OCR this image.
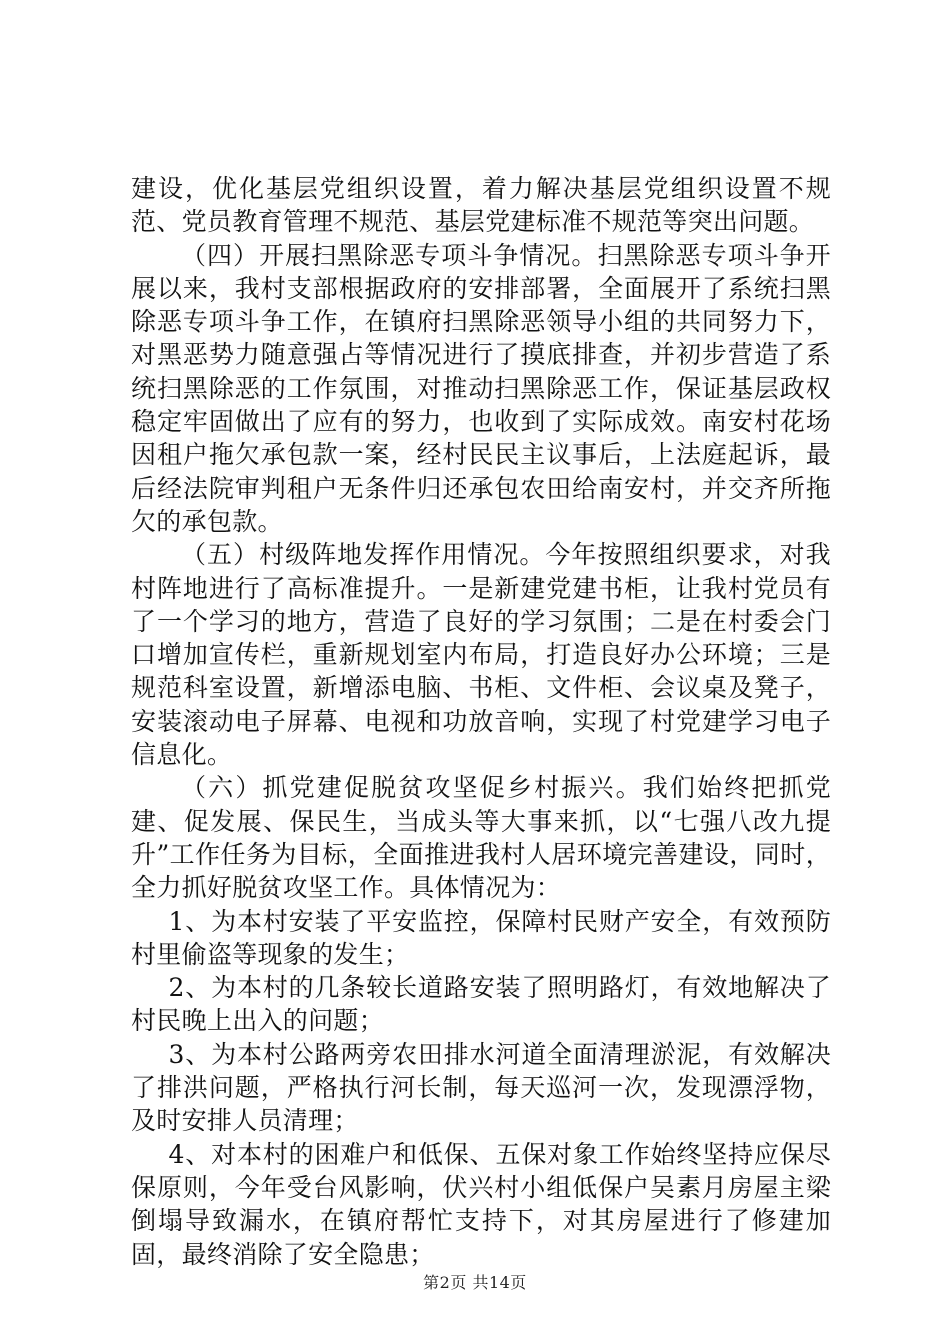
建设，优化基层党组织设置，着力解决基层党组织设置不规范、党员教育管理不规范、基层党建标准不规范等突出问题。

（四）开展扫黑除恶专项斗争情况。扫黑除恶专项斗争开展以来，我村支部根据政府的安排部署，全面展开了系统扫黑除恶专项斗争工作，在镇府扫黑除恶领导小组的共同努力下，对黑恶势力随意强占等情况进行了摸底排查，并初步营造了系统扫黑除恶的工作氛围，对推动扫黑除恶工作，保证基层政权稳定牢固做出了应有的努力，也收到了实际成效。南安村花场因租户拖欠承包款一案，经村民民主议事后，上法庭起诉，最后经法院审判租户无条件归还承包农田给南安村，并交齐所拖欠的承包款。

（五）村级阵地发挥作用情况。今年按照组织要求，对我村阵地进行了高标准提升。一是新建党建书柜，让我村党员有了一个学习的地方，营造了良好的学习氛围；二是在村委会门口增加宣传栏，重新规划室内布局，打造良好办公环境；三是规范科室设置，新增添电脑、书柜、文件柜、会议桌及凳子，安装滚动电子屏幕、电视和功放音响，实现了村党建学习电子信息化。

（六）抓党建促脱贫攻坚促乡村振兴。我们始终把抓党建、促发展、保民生，当成头等大事来抓，以“七强八改九提升”工作任务为目标，全面推进我村人居环境完善建设，同时，全力抓好脱贫攻坚工作。具体情况为：

1、为本村安装了平安监控，保障村民财产安全，有效预防村里偷盗等现象的发生；

2、为本村的几条较长道路安装了照明路灯，有效地解决了村民晚上出入的问题；

3、为本村公路两旁农田排水河道全面清理淤泥，有效解决了排洪问题，严格执行河长制，每天巡河一次，发现漂浮物，及时安排人员清理；

4、对本村的困难户和低保、五保对象工作始终坚持应保尽保原则，今年受台风影响，伏兴村小组低保户吴素月房屋主梁倒塌导致漏水，在镇府帮忙支持下，对其房屋进行了修建加固，最终消除了安全隐患；

第2页 共14页
